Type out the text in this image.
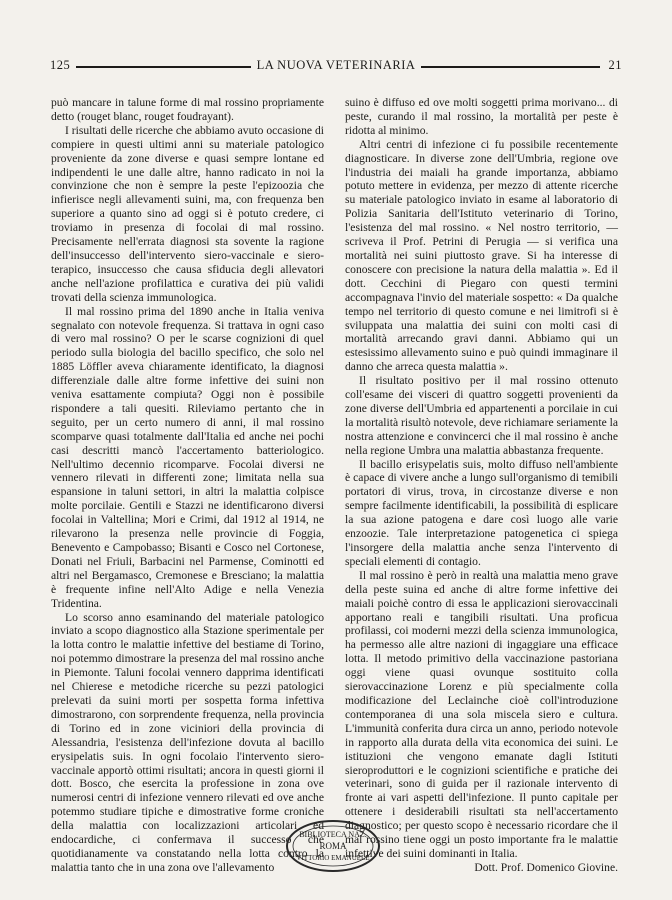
125	LA NUOVA VETERINARIA	21

può mancare in talune forme di mal rossino propriamente detto (rouget blanc, rouget foudrayant).

I risultati delle ricerche che abbiamo avuto occasione di compiere in questi ultimi anni su materiale patologico proveniente da zone diverse e quasi sempre lontane ed indipendenti le une dalle altre, hanno radicato in noi la convinzione che non è sempre la peste l'epizoozia che infierisce negli allevamenti suini, ma, con frequenza ben superiore a quanto sino ad oggi si è potuto credere, ci troviamo in presenza di focolai di mal rossino. Precisamente nell'errata diagnosi sta sovente la ragione dell'insuccesso dell'intervento siero-vaccinale e siero-terapico, insuccesso che causa sfiducia degli allevatori anche nell'azione profilattica e curativa dei più validi trovati della scienza immunologica.

Il mal rossino prima del 1890 anche in Italia veniva segnalato con notevole frequenza. Si trattava in ogni caso di vero mal rossino? O per le scarse cognizioni di quel periodo sulla biologia del bacillo specifico, che solo nel 1885 Löffler aveva chiaramente identificato, la diagnosi differenziale dalle altre forme infettive dei suini non veniva esattamente compiuta? Oggi non è possibile rispondere a tali quesiti. Rileviamo pertanto che in seguito, per un certo numero di anni, il mal rossino scomparve quasi totalmente dall'Italia ed anche nei pochi casi descritti mancò l'accertamento batteriologico. Nell'ultimo decennio ricomparve. Focolai diversi ne vennero rilevati in differenti zone; limitata nella sua espansione in taluni settori, in altri la malattia colpisce molte porcilaie. Gentili e Stazzi ne identificarono diversi focolai in Valtellina; Mori e Crimi, dal 1912 al 1914, ne rilevarono la presenza nelle provincie di Foggia, Benevento e Campobasso; Bisanti e Cosco nel Cortonese, Donati nel Friuli, Barbacini nel Parmense, Cominotti ed altri nel Bergamasco, Cremonese e Bresciano; la malattia è frequente infine nell'Alto Adige e nella Venezia Tridentina.

Lo scorso anno esaminando del materiale patologico inviato a scopo diagnostico alla Stazione sperimentale per la lotta contro le malattie infettive del bestiame di Torino, noi potemmo dimostrare la presenza del mal rossino anche in Piemonte. Taluni focolai vennero dapprima identificati nel Chierese e metodiche ricerche su pezzi patologici prelevati da suini morti per sospetta forma infettiva dimostrarono, con sorprendente frequenza, nella provincia di Torino ed in zone viciniori della provincia di Alessandria, l'esistenza dell'infezione dovuta al bacillo erysipelatis suis. In ogni focolaio l'intervento siero-vaccinale apportò ottimi risultati; ancora in questi giorni il dott. Bosco, che esercita la professione in zona ove numerosi centri di infezione vennero rilevati ed ove anche potemmo studiare tipiche e dimostrative forme croniche della malattia con localizzazioni articolari ed endocardiche, ci confermava il successo che quotidianamente va constatando nella lotta contro la malattia tanto che in una zona ove l'allevamento

suino è diffuso ed ove molti soggetti prima morivano... di peste, curando il mal rossino, la mortalità per peste è ridotta al minimo.

Altri centri di infezione ci fu possibile recentemente diagnosticare. In diverse zone dell'Umbria, regione ove l'industria dei maiali ha grande importanza, abbiamo potuto mettere in evidenza, per mezzo di attente ricerche su materiale patologico inviato in esame al laboratorio di Polizia Sanitaria dell'Istituto veterinario di Torino, l'esistenza del mal rossino. « Nel nostro territorio, — scriveva il Prof. Petrini di Perugia — si verifica una mortalità nei suini piuttosto grave. Si ha interesse di conoscere con precisione la natura della malattia ». Ed il dott. Cecchini di Piegaro con questi termini accompagnava l'invio del materiale sospetto: « Da qualche tempo nel territorio di questo comune e nei limitrofi si è sviluppata una malattia dei suini con molti casi di mortalità arrecando gravi danni. Abbiamo qui un estesissimo allevamento suino e può quindi immaginare il danno che arreca questa malattia ».

Il risultato positivo per il mal rossino ottenuto coll'esame dei visceri di quattro soggetti provenienti da zone diverse dell'Umbria ed appartenenti a porcilaie in cui la mortalità risultò notevole, deve richiamare seriamente la nostra attenzione e convincerci che il mal rossino è anche nella regione Umbra una malattia abbastanza frequente.

Il bacillo erisypelatis suis, molto diffuso nell'ambiente è capace di vivere anche a lungo sull'organismo di temibili portatori di virus, trova, in circostanze diverse e non sempre facilmente identificabili, la possibilità di esplicare la sua azione patogena e dare così luogo alle varie enzoozie. Tale interpretazione patogenetica ci spiega l'insorgere della malattia anche senza l'intervento di speciali elementi di contagio.

Il mal rossino è però in realtà una malattia meno grave della peste suina ed anche di altre forme infettive dei maiali poichè contro di essa le applicazioni sierovaccinali apportano reali e tangibili risultati. Una proficua profilassi, coi moderni mezzi della scienza immunologica, ha permesso alle altre nazioni di ingaggiare una efficace lotta. Il metodo primitivo della vaccinazione pastoriana oggi viene quasi ovunque sostituito colla sierovaccinazione Lorenz e più specialmente colla modificazione del Leclainche cioè coll'introduzione contemporanea di una sola miscela siero e cultura. L'immunità conferita dura circa un anno, periodo notevole in rapporto alla durata della vita economica dei suini. Le istituzioni che vengono emanate dagli Istituti sieroproduttori e le cognizioni scientifiche e pratiche dei veterinari, sono di guida per il razionale intervento di fronte ai vari aspetti dell'infezione. Il punto capitale per ottenere i desiderabili risultati sta nell'accertamento diagnostico; per questo scopo è necessario ricordare che il mal rossino tiene oggi un posto importante fra le malattie infettive dei suini dominanti in Italia.

Dott. Prof. Domenico Giovine.

BIBLIOTECA NAZ.
ROMA
VITTORIO EMANUELE
